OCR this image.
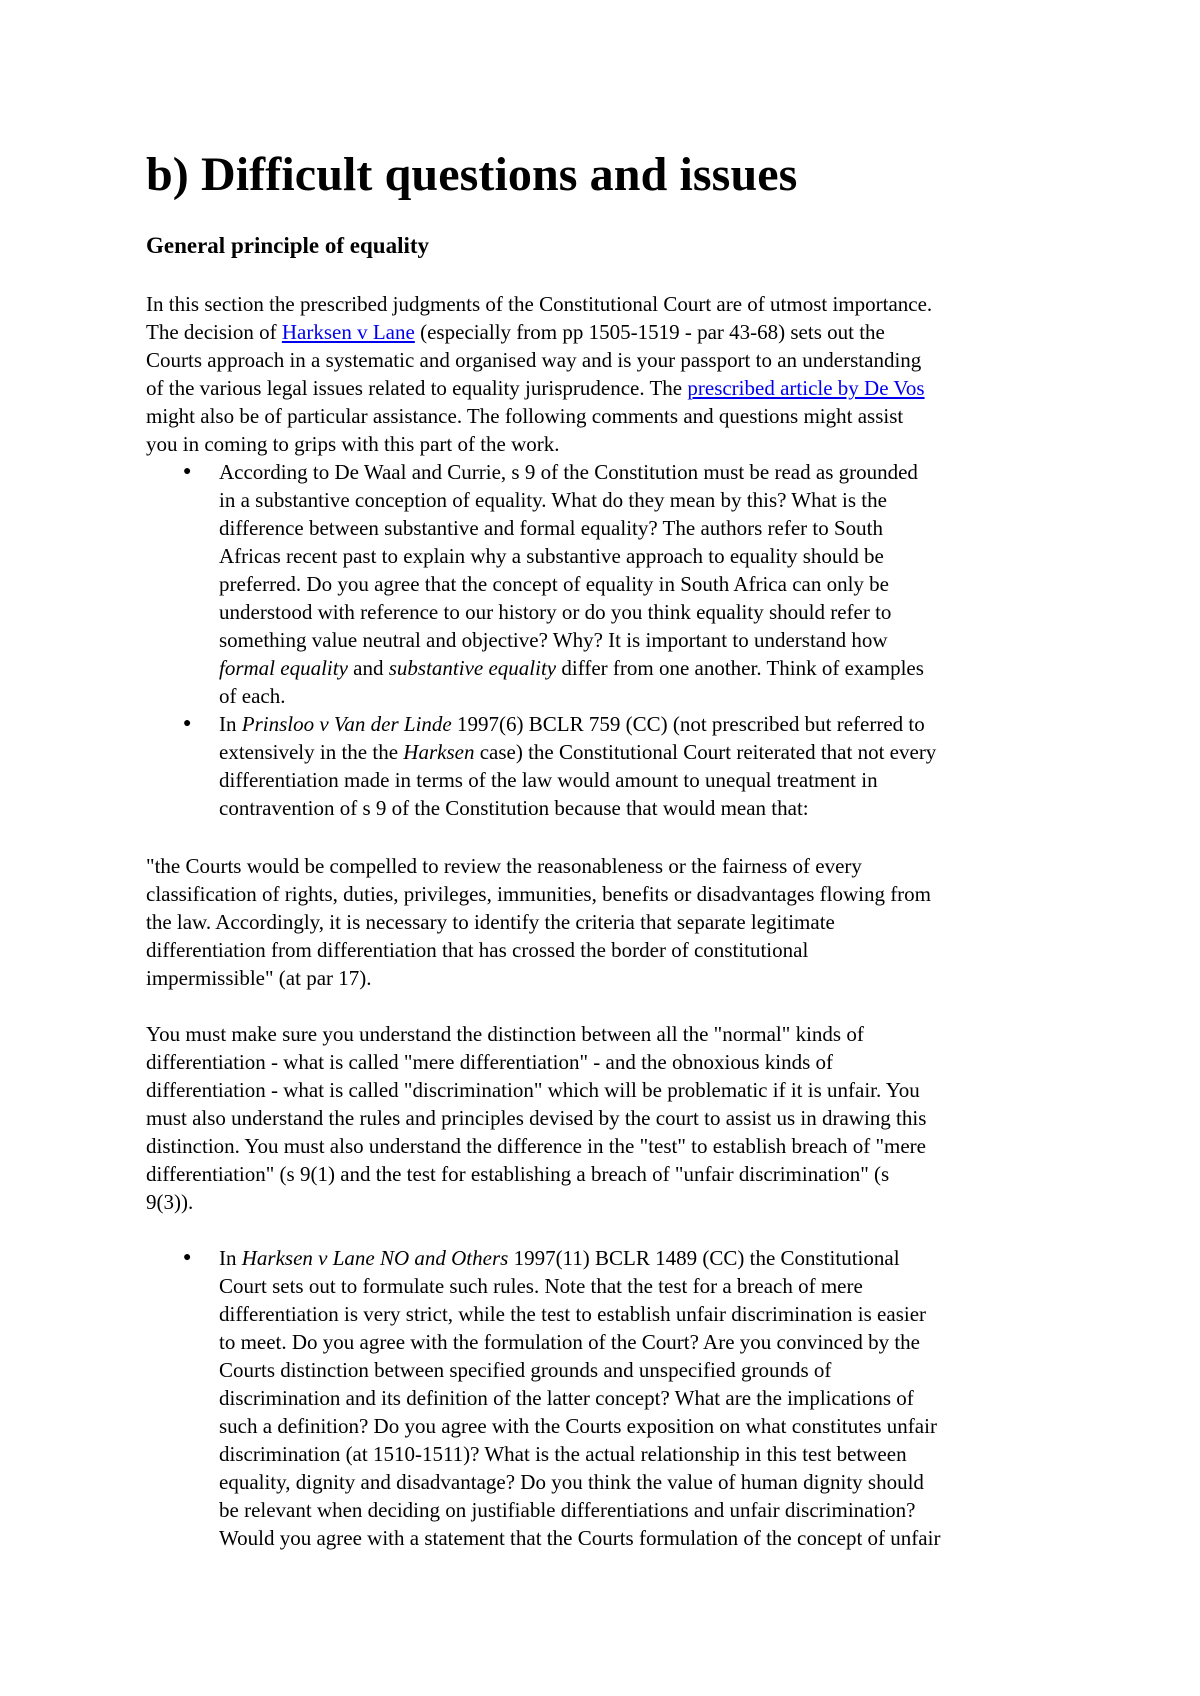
b) Difficult questions and issues
General principle of equality
In this section the prescribed judgments of the Constitutional Court are of utmost importance.
The decision of Harksen v Lane (especially from pp 1505-1519 - par 43-68) sets out the
Courts approach in a systematic and organised way and is your passport to an understanding
of the various legal issues related to equality jurisprudence. The prescribed article by De Vos
might also be of particular assistance. The following comments and questions might assist
you in coming to grips with this part of the work.
● According to De Waal and Currie, s 9 of the Constitution must be read as grounded
in a substantive conception of equality. What do they mean by this? What is the
difference between substantive and formal equality? The authors refer to South
Africas recent past to explain why a substantive approach to equality should be
preferred. Do you agree that the concept of equality in South Africa can only be
understood with reference to our history or do you think equality should refer to
something value neutral and objective? Why? It is important to understand how
formal equality and substantive equality differ from one another. Think of examples
of each.
● In Prinsloo v Van der Linde 1997(6) BCLR 759 (CC) (not prescribed but referred to
extensively in the the Harksen case) the Constitutional Court reiterated that not every
differentiation made in terms of the law would amount to unequal treatment in
contravention of s 9 of the Constitution because that would mean that:
"the Courts would be compelled to review the reasonableness or the fairness of every
classification of rights, duties, privileges, immunities, benefits or disadvantages flowing from
the law. Accordingly, it is necessary to identify the criteria that separate legitimate
differentiation from differentiation that has crossed the border of constitutional
impermissible" (at par 17).
You must make sure you understand the distinction between all the "normal" kinds of
differentiation - what is called "mere differentiation" - and the obnoxious kinds of
differentiation - what is called "discrimination" which will be problematic if it is unfair. You
must also understand the rules and principles devised by the court to assist us in drawing this
distinction. You must also understand the difference in the "test" to establish breach of "mere
differentiation" (s 9(1) and the test for establishing a breach of "unfair discrimination" (s
9(3)).
● In Harksen v Lane NO and Others 1997(11) BCLR 1489 (CC) the Constitutional
Court sets out to formulate such rules. Note that the test for a breach of mere
differentiation is very strict, while the test to establish unfair discrimination is easier
to meet. Do you agree with the formulation of the Court? Are you convinced by the
Courts distinction between specified grounds and unspecified grounds of
discrimination and its definition of the latter concept? What are the implications of
such a definition? Do you agree with the Courts exposition on what constitutes unfair
discrimination (at 1510-1511)? What is the actual relationship in this test between
equality, dignity and disadvantage? Do you think the value of human dignity should
be relevant when deciding on justifiable differentiations and unfair discrimination?
Would you agree with a statement that the Courts formulation of the concept of unfair
